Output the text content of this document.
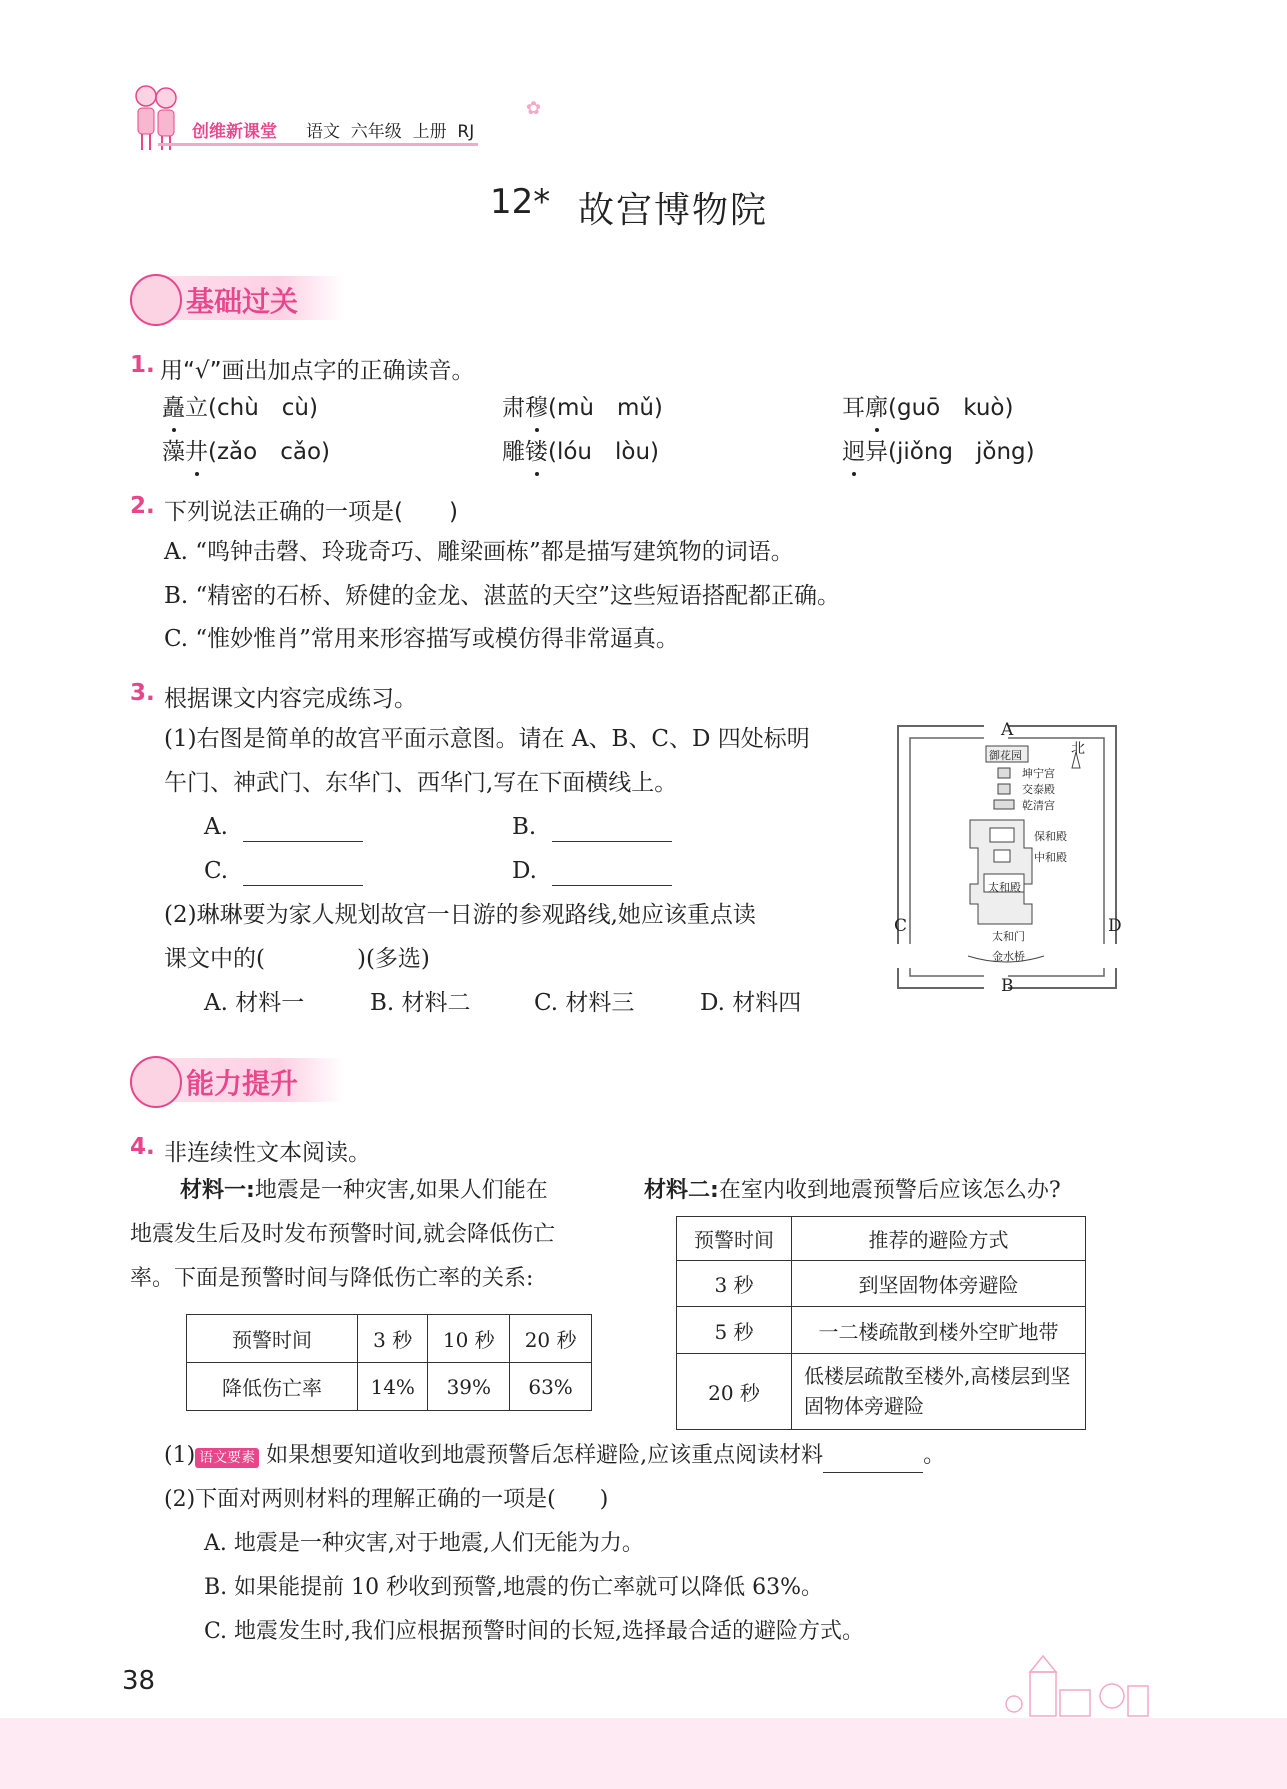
创维新课堂 语文  六年级  上册  RJ
✿
12* 故宫博物院
基础过关
1. 用“√”画出加点字的正确读音。
矗立(chù　cù)	肃穆(mù　mǔ)	耳廓(guō　kuò)
藻井(zǎo　cǎo)	雕镂(lóu　lòu)	迥异(jiǒng　jǒng)
2. 下列说法正确的一项是(　　)
A. “鸣钟击磬、玲珑奇巧、雕梁画栋”都是描写建筑物的词语。
B. “精密的石桥、矫健的金龙、湛蓝的天空”这些短语搭配都正确。
C. “惟妙惟肖”常用来形容描写或模仿得非常逼真。
3. 根据课文内容完成练习。
(1)右图是简单的故宫平面示意图。请在 A、B、C、D 四处标明
午门、神武门、东华门、西华门,写在下面横线上。
A.	B.
C.	D.
(2)琳琳要为家人规划故宫一日游的参观路线,她应该重点读
课文中的(　　　　)(多选)
A. 材料一	B. 材料二	C. 材料三	D. 材料四
A
B
C	D
北
御花园
坤宁宫
交泰殿
乾清宫
保和殿
中和殿
太和殿
太和门
金水桥
能力提升
4. 非连续性文本阅读。
材料一:地震是一种灾害,如果人们能在
地震发生后及时发布预警时间,就会降低伤亡
率。下面是预警时间与降低伤亡率的关系:
预警时间	3 秒	10 秒	20 秒
降低伤亡率	14%	39%	63%
材料二:在室内收到地震预警后应该怎么办?
预警时间	推荐的避险方式
3 秒	到坚固物体旁避险
5 秒	一二楼疏散到楼外空旷地带
20 秒	低楼层疏散至楼外,高楼层到坚固物体旁避险
(1) 语文要素 如果想要知道收到地震预警后怎样避险,应该重点阅读材料	。
(2)下面对两则材料的理解正确的一项是(　　)
A. 地震是一种灾害,对于地震,人们无能为力。
B. 如果能提前 10 秒收到预警,地震的伤亡率就可以降低 63%。
C. 地震发生时,我们应根据预警时间的长短,选择最合适的避险方式。
38
